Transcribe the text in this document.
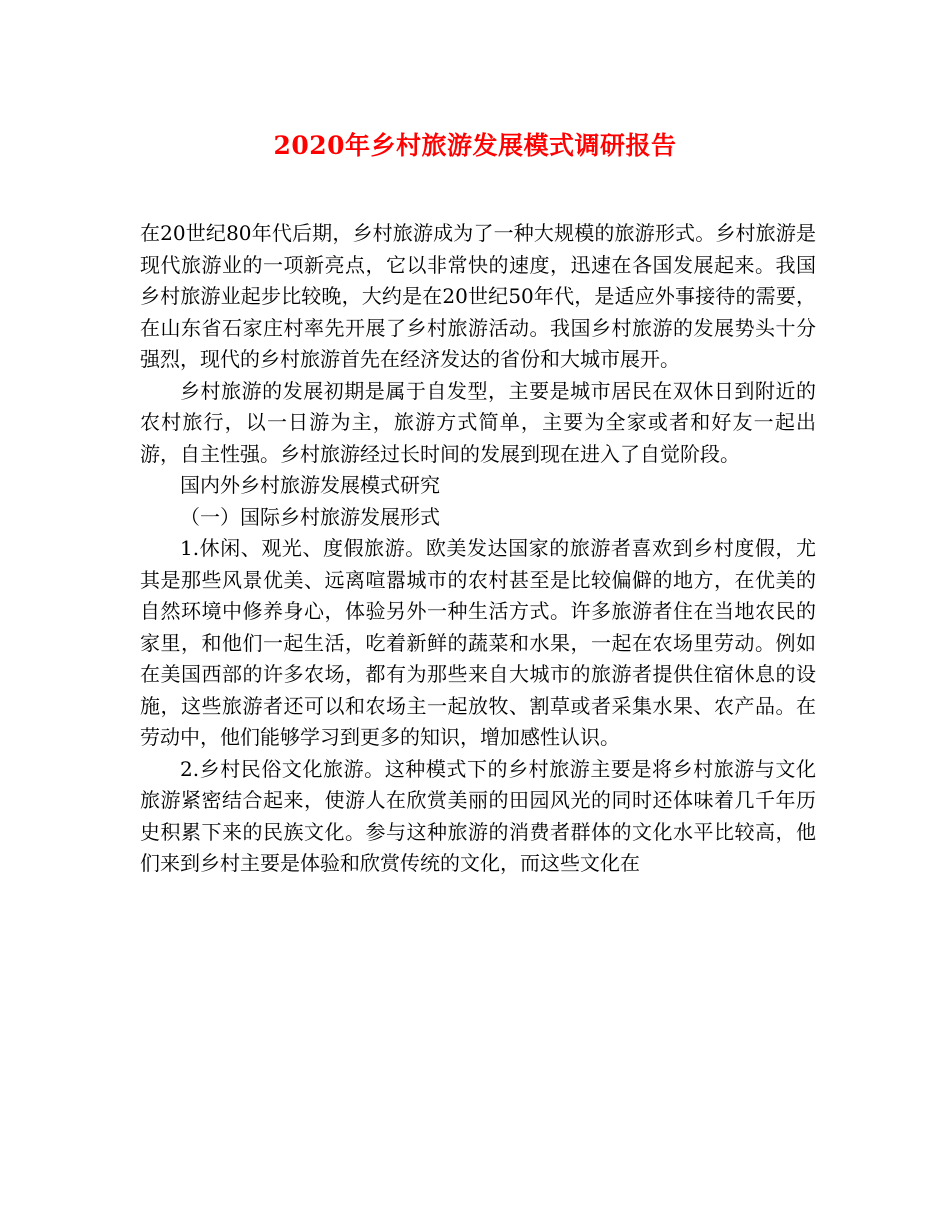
2020年乡村旅游发展模式调研报告

在20世纪80年代后期，乡村旅游成为了一种大规模的旅游形式。乡村旅游是现代旅游业的一项新亮点，它以非常快的速度，迅速在各国发展起来。我国乡村旅游业起步比较晚，大约是在20世纪50年代，是适应外事接待的需要，在山东省石家庄村率先开展了乡村旅游活动。我国乡村旅游的发展势头十分强烈，现代的乡村旅游首先在经济发达的省份和大城市展开。

乡村旅游的发展初期是属于自发型，主要是城市居民在双休日到附近的农村旅行，以一日游为主，旅游方式简单，主要为全家或者和好友一起出游，自主性强。乡村旅游经过长时间的发展到现在进入了自觉阶段。

国内外乡村旅游发展模式研究

（一）国际乡村旅游发展形式

1.休闲、观光、度假旅游。欧美发达国家的旅游者喜欢到乡村度假，尤其是那些风景优美、远离喧嚣城市的农村甚至是比较偏僻的地方，在优美的自然环境中修养身心，体验另外一种生活方式。许多旅游者住在当地农民的家里，和他们一起生活，吃着新鲜的蔬菜和水果，一起在农场里劳动。例如在美国西部的许多农场，都有为那些来自大城市的旅游者提供住宿休息的设施，这些旅游者还可以和农场主一起放牧、割草或者采集水果、农产品。在劳动中，他们能够学习到更多的知识，增加感性认识。

2.乡村民俗文化旅游。这种模式下的乡村旅游主要是将乡村旅游与文化旅游紧密结合起来，使游人在欣赏美丽的田园风光的同时还体味着几千年历史积累下来的民族文化。参与这种旅游的消费者群体的文化水平比较高，他们来到乡村主要是体验和欣赏传统的文化，而这些文化在
